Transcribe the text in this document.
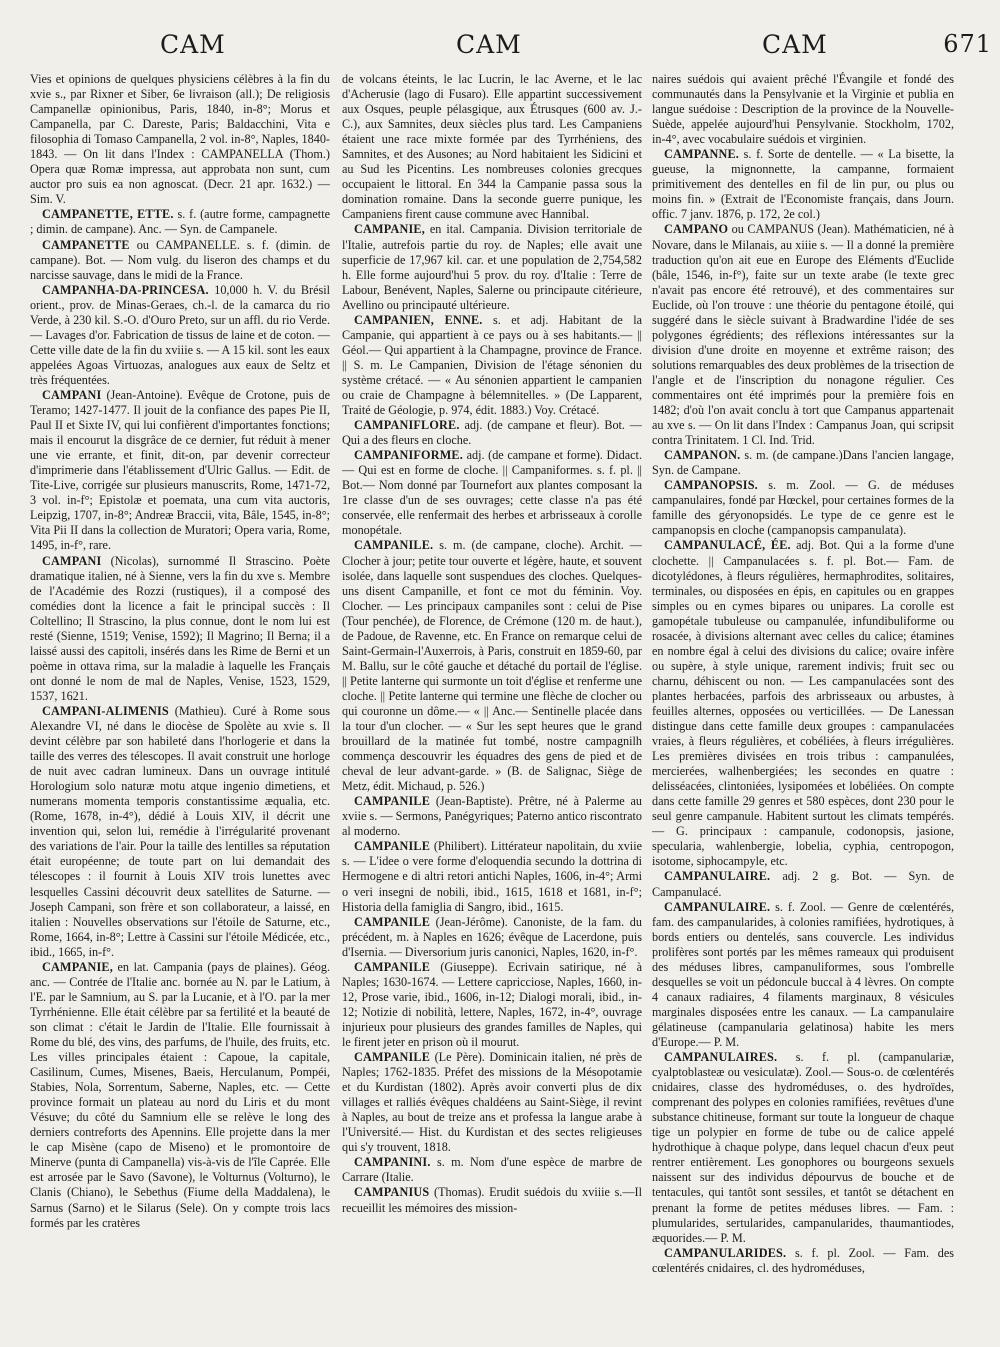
CAM	CAM	CAM	671

Vies et opinions de quelques physiciens célèbres à la fin du xvie s., par Rixner et Siber, 6e livraison (all.); De religiosis Campanellæ opinionibus, Paris, 1840, in-8°; Morus et Campanella, par C. Dareste, Paris; Baldacchini, Vita e filosophia di Tomaso Campanella, 2 vol. in-8°, Naples, 1840-1843. — On lit dans l'Index : CAMPANELLA (Thom.) Opera quæ Romæ impressa, aut approbata non sunt, cum auctor pro suis ea non agnoscat. (Decr. 21 apr. 1632.) — Sim. V.

CAMPANETTE, ETTE. s. f. (autre forme, campagnette ; dimin. de campane). Anc. — Syn. de Campanele.

CAMPANETTE ou CAMPANELLE. s. f. (dimin. de campane). Bot. — Nom vulg. du liseron des champs et du narcisse sauvage, dans le midi de la France.

CAMPANHA-DA-PRINCESA. 10,000 h. V. du Brésil orient., prov. de Minas-Geraes, ch.-l. de la camarca du rio Verde, à 230 kil. S.-O. d'Ouro Preto, sur un affl. du rio Verde. — Lavages d'or. Fabrication de tissus de laine et de coton. — Cette ville date de la fin du xviiie s. — A 15 kil. sont les eaux appelées Agoas Virtuozas, analogues aux eaux de Seltz et très fréquentées.

CAMPANI (Jean-Antoine). Evêque de Crotone, puis de Teramo; 1427-1477. Il jouit de la confiance des papes Pie II, Paul II et Sixte IV, qui lui confièrent d'importantes fonctions; mais il encourut la disgrâce de ce dernier, fut réduit à mener une vie errante, et finit, dit-on, par devenir correcteur d'imprimerie dans l'établissement d'Ulric Gallus. — Edit. de Tite-Live, corrigée sur plusieurs manuscrits, Rome, 1471-72, 3 vol. in-f°; Epistolæ et poemata, una cum vita auctoris, Leipzig, 1707, in-8°; Andreæ Braccii, vita, Bâle, 1545, in-8°; Vita Pii II dans la collection de Muratori; Opera varia, Rome, 1495, in-f°, rare.

CAMPANI (Nicolas), surnommé Il Strascino. Poète dramatique italien, né à Sienne, vers la fin du xve s. Membre de l'Académie des Rozzi (rustiques), il a composé des comédies dont la licence a fait le principal succès : Il Coltellino; Il Strascino, la plus connue, dont le nom lui est resté (Sienne, 1519; Venise, 1592); Il Magrino; Il Berna; il a laissé aussi des capitoli, insérés dans les Rime de Berni et un poème in ottava rima, sur la maladie à laquelle les Français ont donné le nom de mal de Naples, Venise, 1523, 1529, 1537, 1621.

CAMPANI-ALIMENIS (Mathieu). Curé à Rome sous Alexandre VI, né dans le diocèse de Spolète au xvie s. Il devint célèbre par son habileté dans l'horlogerie et dans la taille des verres des télescopes. Il avait construit une horloge de nuit avec cadran lumineux. Dans un ouvrage intitulé Horologium solo naturæ motu atque ingenio dimetiens, et numerans momenta temporis constantissime æqualia, etc. (Rome, 1678, in-4°), dédié à Louis XIV, il décrit une invention qui, selon lui, remédie à l'irrégularité provenant des variations de l'air. Pour la taille des lentilles sa réputation était européenne; de toute part on lui demandait des télescopes : il fournit à Louis XIV trois lunettes avec lesquelles Cassini découvrit deux satellites de Saturne. — Joseph Campani, son frère et son collaborateur, a laissé, en italien : Nouvelles observations sur l'étoile de Saturne, etc., Rome, 1664, in-8°; Lettre à Cassini sur l'étoile Médicée, etc., ibid., 1665, in-f°.

CAMPANIE, en lat. Campania (pays de plaines). Géog. anc. — Contrée de l'Italie anc. bornée au N. par le Latium, à l'E. par le Samnium, au S. par la Lucanie, et à l'O. par la mer Tyrrhénienne. Elle était célèbre par sa fertilité et la beauté de son climat : c'était le Jardin de l'Italie. Elle fournissait à Rome du blé, des vins, des parfums, de l'huile, des fruits, etc. Les villes principales étaient : Capoue, la capitale, Casilinum, Cumes, Misenes, Baeis, Herculanum, Pompéi, Stabies, Nola, Sorrentum, Saberne, Naples, etc. — Cette province formait un plateau au nord du Liris et du mont Vésuve; du côté du Samnium elle se relève le long des derniers contreforts des Apennins. Elle projette dans la mer le cap Misène (capo de Miseno) et le promontoire de Minerve (punta di Campanella) vis-à-vis de l'île Caprée. Elle est arrosée par le Savo (Savone), le Volturnus (Volturno), le Clanis (Chiano), le Sebethus (Fiume della Maddalena), le Sarnus (Sarno) et le Silarus (Sele). On y compte trois lacs formés par les cratères

de volcans éteints, le lac Lucrin, le lac Averne, et le lac d'Acherusie (lago di Fusaro). Elle appartint successivement aux Osques, peuple pélasgique, aux Étrusques (600 av. J.-C.), aux Samnites, deux siècles plus tard. Les Campaniens étaient une race mixte formée par des Tyrrhéniens, des Samnites, et des Ausones; au Nord habitaient les Sidicini et au Sud les Picentins. Les nombreuses colonies grecques occupaient le littoral. En 344 la Campanie passa sous la domination romaine. Dans la seconde guerre punique, les Campaniens firent cause commune avec Hannibal.

CAMPANIE, en ital. Campania. Division territoriale de l'Italie, autrefois partie du roy. de Naples; elle avait une superficie de 17,967 kil. car. et une population de 2,754,582 h. Elle forme aujourd'hui 5 prov. du roy. d'Italie : Terre de Labour, Benévent, Naples, Salerne ou principaute citérieure, Avellino ou principauté ultérieure.

CAMPANIEN, ENNE. s. et adj. Habitant de la Campanie, qui appartient à ce pays ou à ses habitants.— || Géol.— Qui appartient à la Champagne, province de France. || S. m. Le Campanien, Division de l'étage sénonien du système crétacé. — « Au sénonien appartient le campanien ou craie de Champagne à bélemnitelles. » (De Lapparent, Traité de Géologie, p. 974, édit. 1883.) Voy. Crétacé.

CAMPANIFLORE. adj. (de campane et fleur). Bot. — Qui a des fleurs en cloche.

CAMPANIFORME. adj. (de campane et forme). Didact. — Qui est en forme de cloche. || Campaniformes. s. f. pl. || Bot.— Nom donné par Tournefort aux plantes composant la 1re classe d'un de ses ouvrages; cette classe n'a pas été conservée, elle renfermait des herbes et arbrisseaux à corolle monopétale.

CAMPANILE. s. m. (de campane, cloche). Archit. — Clocher à jour; petite tour ouverte et légère, haute, et souvent isolée, dans laquelle sont suspendues des cloches. Quelques-uns disent Campanille, et font ce mot du féminin. Voy. Clocher. — Les principaux campaniles sont : celui de Pise (Tour penchée), de Florence, de Crémone (120 m. de haut.), de Padoue, de Ravenne, etc. En France on remarque celui de Saint-Germain-l'Auxerrois, à Paris, construit en 1859-60, par M. Ballu, sur le côté gauche et détaché du portail de l'église. || Petite lanterne qui surmonte un toit d'église et renferme une cloche. || Petite lanterne qui termine une flèche de clocher ou qui couronne un dôme.— « || Anc.— Sentinelle placée dans la tour d'un clocher. — « Sur les sept heures que le grand brouillard de la matinée fut tombé, nostre campagnilh commença descouvrir les équadres des gens de pied et de cheval de leur advant-garde. » (B. de Salignac, Siège de Metz, édit. Michaud, p. 526.)

CAMPANILE (Jean-Baptiste). Prêtre, né à Palerme au xviie s. — Sermons, Panégyriques; Paterno antico riscontrato al moderno.

CAMPANILE (Philibert). Littérateur napolitain, du xviie s. — L'idee o vere forme d'eloquendia secundo la dottrina di Hermogene e di altri retori antichi Naples, 1606, in-4°; Armi o veri insegni de nobili, ibid., 1615, 1618 et 1681, in-f°; Historia della famiglia di Sangro, ibid., 1615.

CAMPANILE (Jean-Jérôme). Canoniste, de la fam. du précédent, m. à Naples en 1626; évêque de Lacerdone, puis d'Isernia. — Diversorium juris canonici, Naples, 1620, in-f°.

CAMPANILE (Giuseppe). Ecrivain satirique, né à Naples; 1630-1674. — Lettere capricciose, Naples, 1660, in-12, Prose varie, ibid., 1606, in-12; Dialogi morali, ibid., in-12; Notizie di nobilità, lettere, Naples, 1672, in-4°, ouvrage injurieux pour plusieurs des grandes familles de Naples, qui le firent jeter en prison où il mourut.

CAMPANILE (Le Père). Dominicain italien, né près de Naples; 1762-1835. Préfet des missions de la Mésopotamie et du Kurdistan (1802). Après avoir converti plus de dix villages et ralliés évêques chaldéens au Saint-Siège, il revint à Naples, au bout de treize ans et professa la langue arabe à l'Université.— Hist. du Kurdistan et des sectes religieuses qui s'y trouvent, 1818.

CAMPANINI. s. m. Nom d'une espèce de marbre de Carrare (Italie.

CAMPANIUS (Thomas). Erudit suédois du xviiie s.—Il recueillit les mémoires des mission-

naires suédois qui avaient prêché l'Évangile et fondé des communautés dans la Pensylvanie et la Virginie et publia en langue suédoise : Description de la province de la Nouvelle-Suède, appelée aujourd'hui Pensylvanie. Stockholm, 1702, in-4°, avec vocabulaire suédois et virginien.

CAMPANNE. s. f. Sorte de dentelle. — « La bisette, la gueuse, la mignonnette, la campanne, formaient primitivement des dentelles en fil de lin pur, ou plus ou moins fin. » (Extrait de l'Economiste français, dans Journ. offic. 7 janv. 1876, p. 172, 2e col.)

CAMPANO ou CAMPANUS (Jean). Mathématicien, né à Novare, dans le Milanais, au xiiie s. — Il a donné la première traduction qu'on ait eue en Europe des Eléments d'Euclide (bâle, 1546, in-f°), faite sur un texte arabe (le texte grec n'avait pas encore été retrouvé), et des commentaires sur Euclide, où l'on trouve : une théorie du pentagone étoilé, qui suggéré dans le siècle suivant à Bradwardine l'idée de ses polygones égrédients; des réflexions intéressantes sur la division d'une droite en moyenne et extrême raison; des solutions remarquables des deux problèmes de la trisection de l'angle et de l'inscription du nonagone régulier. Ces commentaires ont été imprimés pour la première fois en 1482; d'où l'on avait conclu à tort que Campanus appartenait au xve s. — On lit dans l'Index : Campanus Joan, qui scripsit contra Trinitatem. 1 Cl. Ind. Trid.

CAMPANON. s. m. (de campane.)Dans l'ancien langage, Syn. de Campane.

CAMPANOPSIS. s. m. Zool. — G. de méduses campanulaires, fondé par Hœckel, pour certaines formes de la famille des géryonopsidés. Le type de ce genre est le campanopsis en cloche (campanopsis campanulata).

CAMPANULACÉ, ÉE. adj. Bot. Qui a la forme d'une clochette. || Campanulacées s. f. pl. Bot.— Fam. de dicotylédones, à fleurs régulières, hermaphrodites, solitaires, terminales, ou disposées en épis, en capitules ou en grappes simples ou en cymes bipares ou unipares. La corolle est gamopétale tubuleuse ou campanulée, infundibuliforme ou rosacée, à divisions alternant avec celles du calice; étamines en nombre égal à celui des divisions du calice; ovaire infère ou supère, à style unique, rarement indivis; fruit sec ou charnu, déhiscent ou non. — Les campanulacées sont des plantes herbacées, parfois des arbrisseaux ou arbustes, à feuilles alternes, opposées ou verticillées. — De Lanessan distingue dans cette famille deux groupes : campanulacées vraies, à fleurs régulières, et cobéliées, à fleurs irrégulières. Les premières divisées en trois tribus : campanulées, mercierées, walhenbergiées; les secondes en quatre : delisséacées, clintoniées, lysipomées et lobéliées. On compte dans cette famille 29 genres et 580 espèces, dont 230 pour le seul genre campanule. Habitent surtout les climats tempérés. — G. principaux : campanule, codonopsis, jasione, specularia, wahlenbergie, lobelia, cyphia, centropogon, isotome, siphocampyle, etc.

CAMPANULAIRE. adj. 2 g. Bot. — Syn. de Campanulacé.

CAMPANULAIRE. s. f. Zool. — Genre de cœlentérés, fam. des campanularides, à colonies ramifiées, hydrotiques, à bords entiers ou dentelés, sans couvercle. Les individus prolifères sont portés par les mêmes rameaux qui produisent des méduses libres, campanuliformes, sous l'ombrelle desquelles se voit un pédoncule buccal à 4 lèvres. On compte 4 canaux radiaires, 4 filaments marginaux, 8 vésicules marginales disposées entre les canaux. — La campanulaire gélatineuse (campanularia gelatinosa) habite les mers d'Europe.— P. M.

CAMPANULAIRES. s. f. pl. (campanulariæ, cyalptoblasteæ ou vesiculatæ). Zool.— Sous-o. de cœlentérés cnidaires, classe des hydroméduses, o. des hydroïdes, comprenant des polypes en colonies ramifiées, revêtues d'une substance chitineuse, formant sur toute la longueur de chaque tige un polypier en forme de tube ou de calice appelé hydrothique à chaque polype, dans lequel chacun d'eux peut rentrer entièrement. Les gonophores ou bourgeons sexuels naissent sur des individus dépourvus de bouche et de tentacules, qui tantôt sont sessiles, et tantôt se détachent en prenant la forme de petites méduses libres. — Fam. : plumularides, sertularides, campanularides, thaumantiodes, æquorides.— P. M.

CAMPANULARIDES. s. f. pl. Zool. — Fam. des cœlentérés cnidaires, cl. des hydroméduses,
